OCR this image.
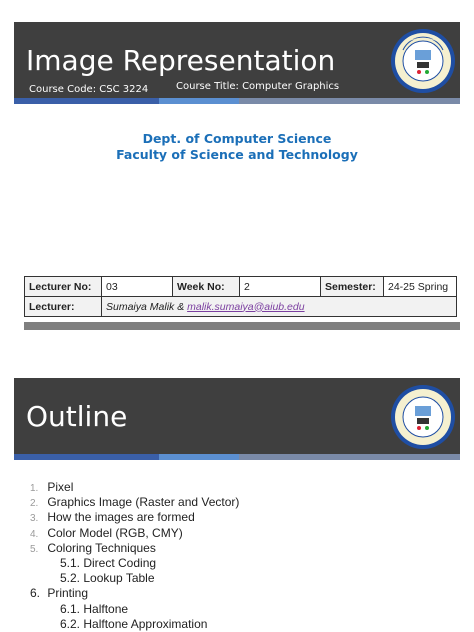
Image Representation
Course Code: CSC 3224	Course Title: Computer Graphics
Dept. of Computer Science
Faculty of Science and Technology
Lecturer No:	03	Week No:	2	Semester:	24-25 Spring
Lecturer:	Sumaiya Malik & malik.sumaiya@aiub.edu				
Outline
1. Pixel
2. Graphics Image (Raster and Vector)
3. How the images are formed
4. Color Model (RGB, CMY)
5. Coloring Techniques
5.1. Direct Coding
5.2. Lookup Table
6. Printing
6.1. Halftone
6.2. Halftone Approximation
